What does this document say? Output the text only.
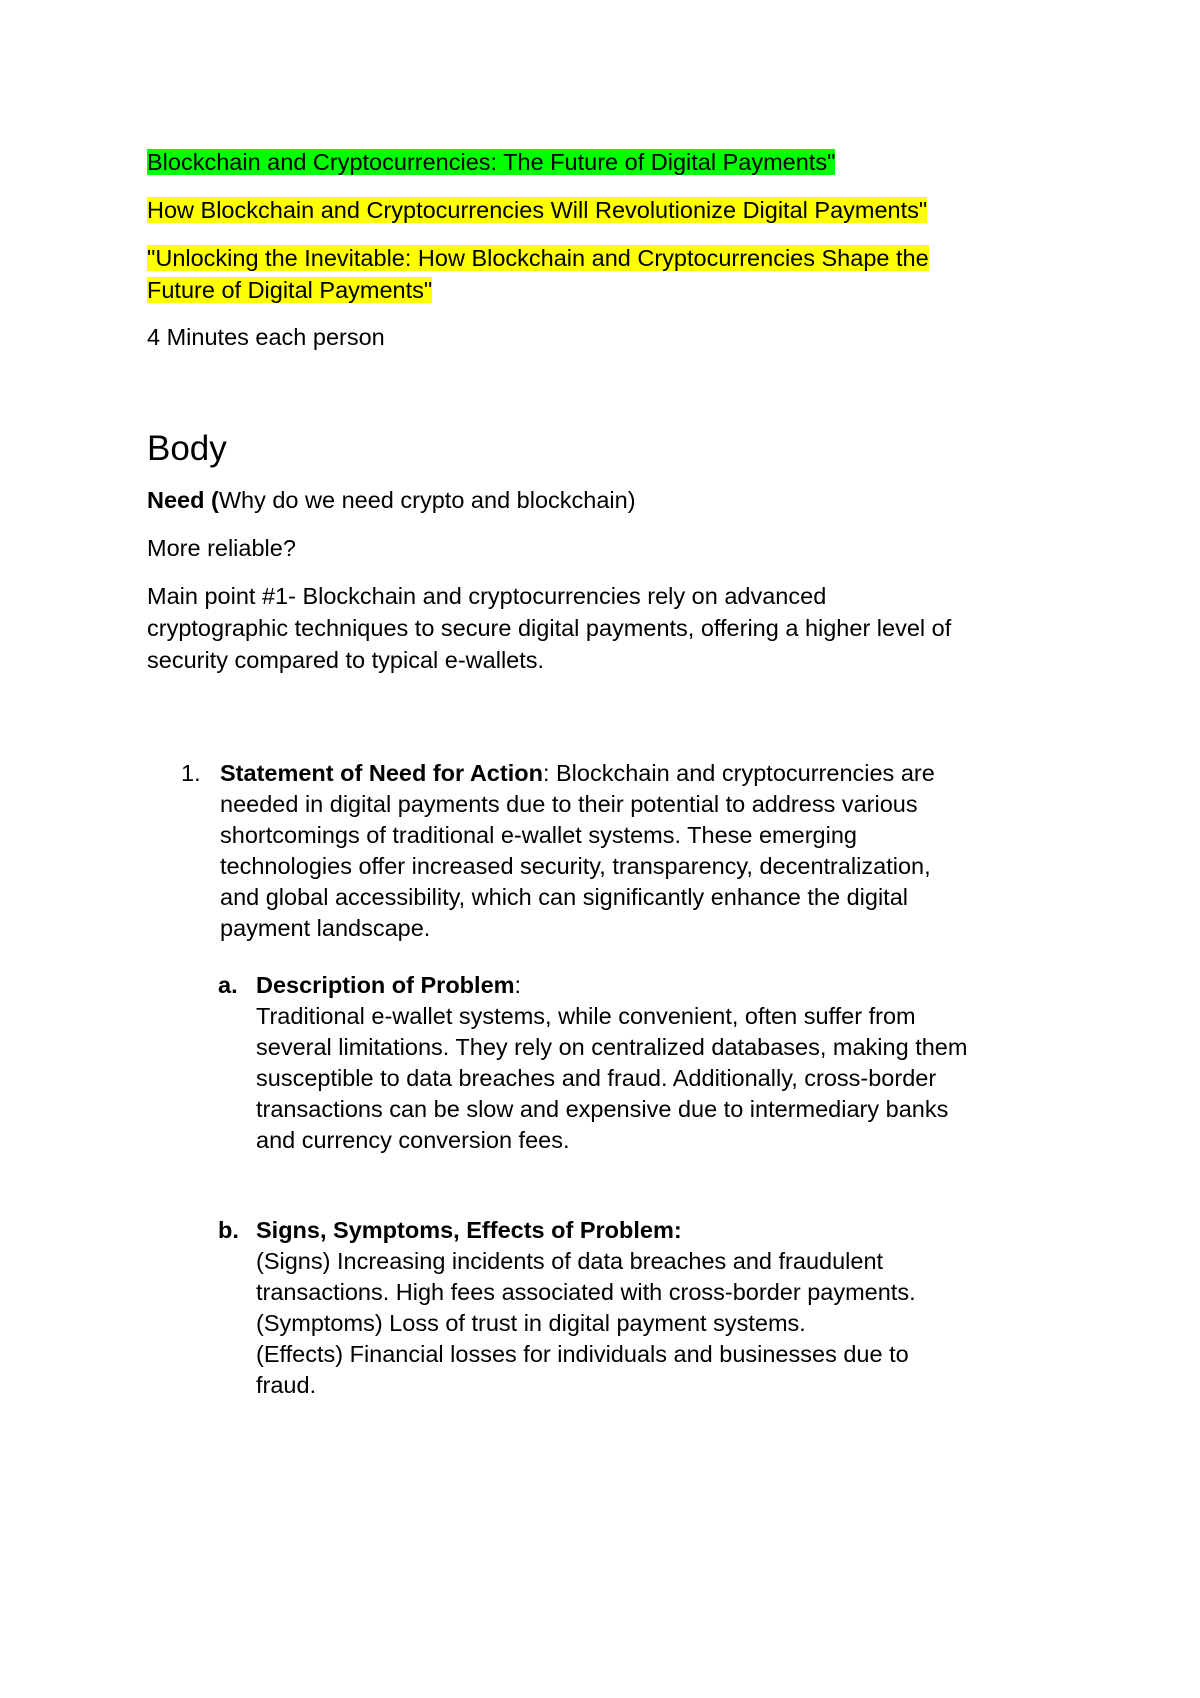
Blockchain and Cryptocurrencies: The Future of Digital Payments"

How Blockchain and Cryptocurrencies Will Revolutionize Digital Payments"

"Unlocking the Inevitable: How Blockchain and Cryptocurrencies Shape the
Future of Digital Payments"

4 Minutes each person

Body

Need (Why do we need crypto and blockchain)

More reliable?

Main point #1- Blockchain and cryptocurrencies rely on advanced
cryptographic techniques to secure digital payments, offering a higher level of
security compared to typical e-wallets.

1. Statement of Need for Action: Blockchain and cryptocurrencies are
needed in digital payments due to their potential to address various
shortcomings of traditional e-wallet systems. These emerging
technologies offer increased security, transparency, decentralization,
and global accessibility, which can significantly enhance the digital
payment landscape.
a. Description of Problem:
Traditional e-wallet systems, while convenient, often suffer from
several limitations. They rely on centralized databases, making them
susceptible to data breaches and fraud. Additionally, cross-border
transactions can be slow and expensive due to intermediary banks
and currency conversion fees.
b. Signs, Symptoms, Effects of Problem:
(Signs) Increasing incidents of data breaches and fraudulent
transactions. High fees associated with cross-border payments.
(Symptoms) Loss of trust in digital payment systems.
(Effects) Financial losses for individuals and businesses due to
fraud.
